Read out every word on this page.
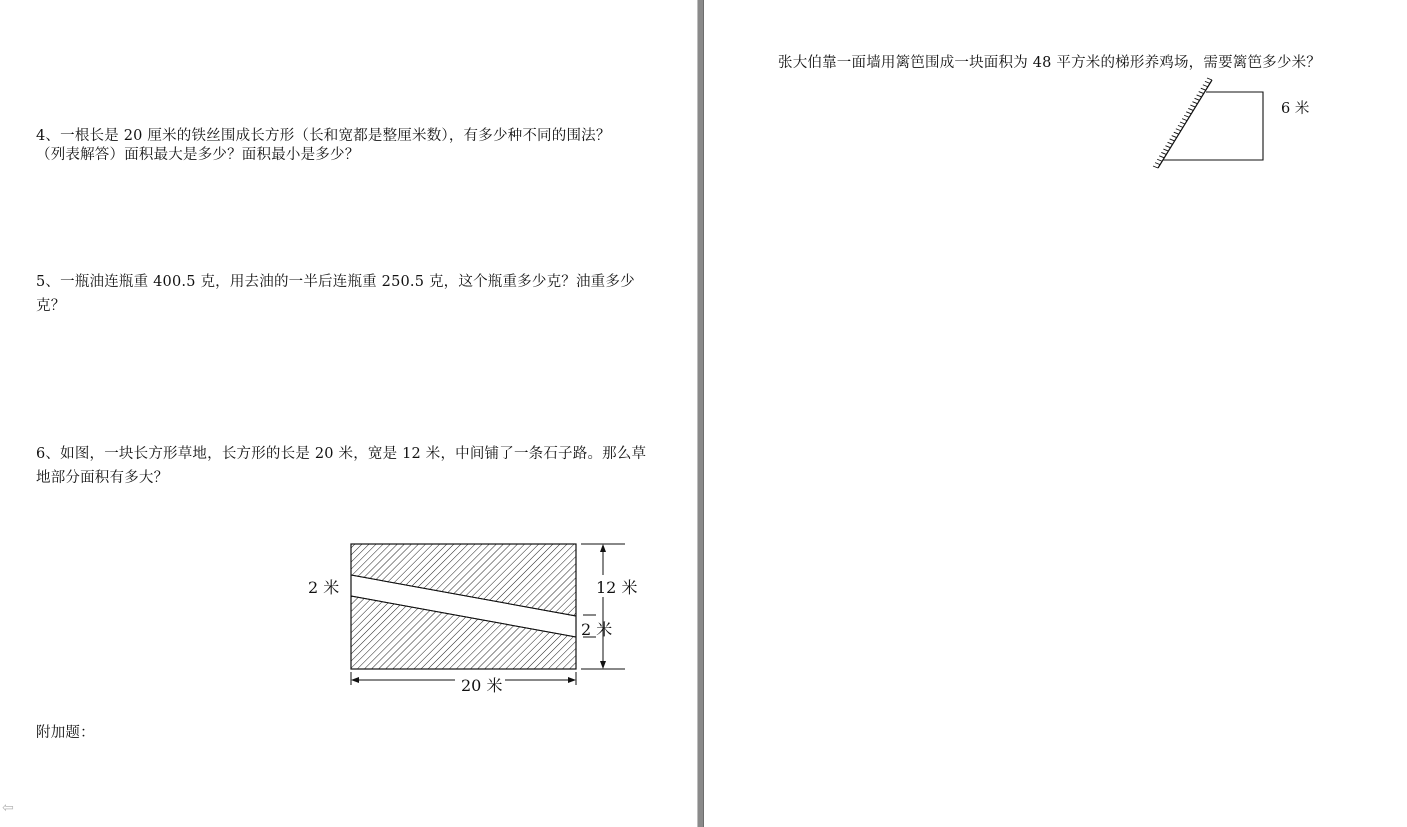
4、一根长是 20 厘米的铁丝围成长方形（长和宽都是整厘米数），有多少种不同的围法？
（列表解答）面积最大是多少？面积最小是多少？
5、一瓶油连瓶重 400.5 克，用去油的一半后连瓶重 250.5 克，这个瓶重多少克？油重多少克？
6、如图，一块长方形草地，长方形的长是 20 米，宽是 12 米，中间铺了一条石子路。那么草地部分面积有多大？
2 米	12 米
2 米
20 米
附加题：
张大伯靠一面墙用篱笆围成一块面积为 48 平方米的梯形养鸡场，需要篱笆多少米？
6 米
⇦
